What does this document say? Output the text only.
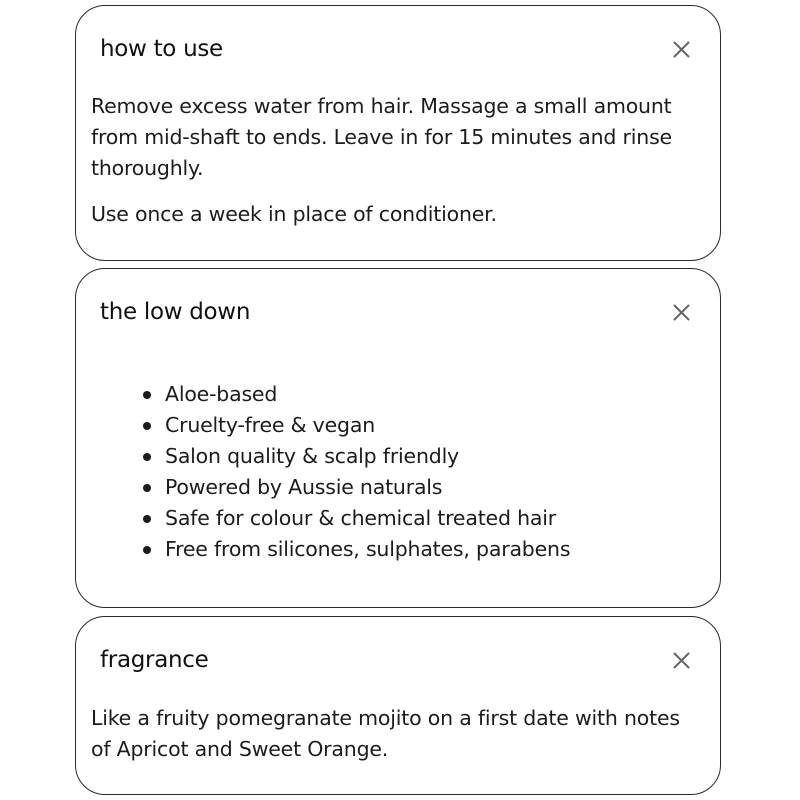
how to use

Remove excess water from hair. Massage a small amount from mid-shaft to ends. Leave in for 15 minutes and rinse thoroughly.

Use once a week in place of conditioner.

the low down
Aloe-based
Cruelty-free & vegan
Salon quality & scalp friendly
Powered by Aussie naturals
Safe for colour & chemical treated hair
Free from silicones, sulphates, parabens
fragrance

Like a fruity pomegranate mojito on a first date with notes of Apricot and Sweet Orange.
